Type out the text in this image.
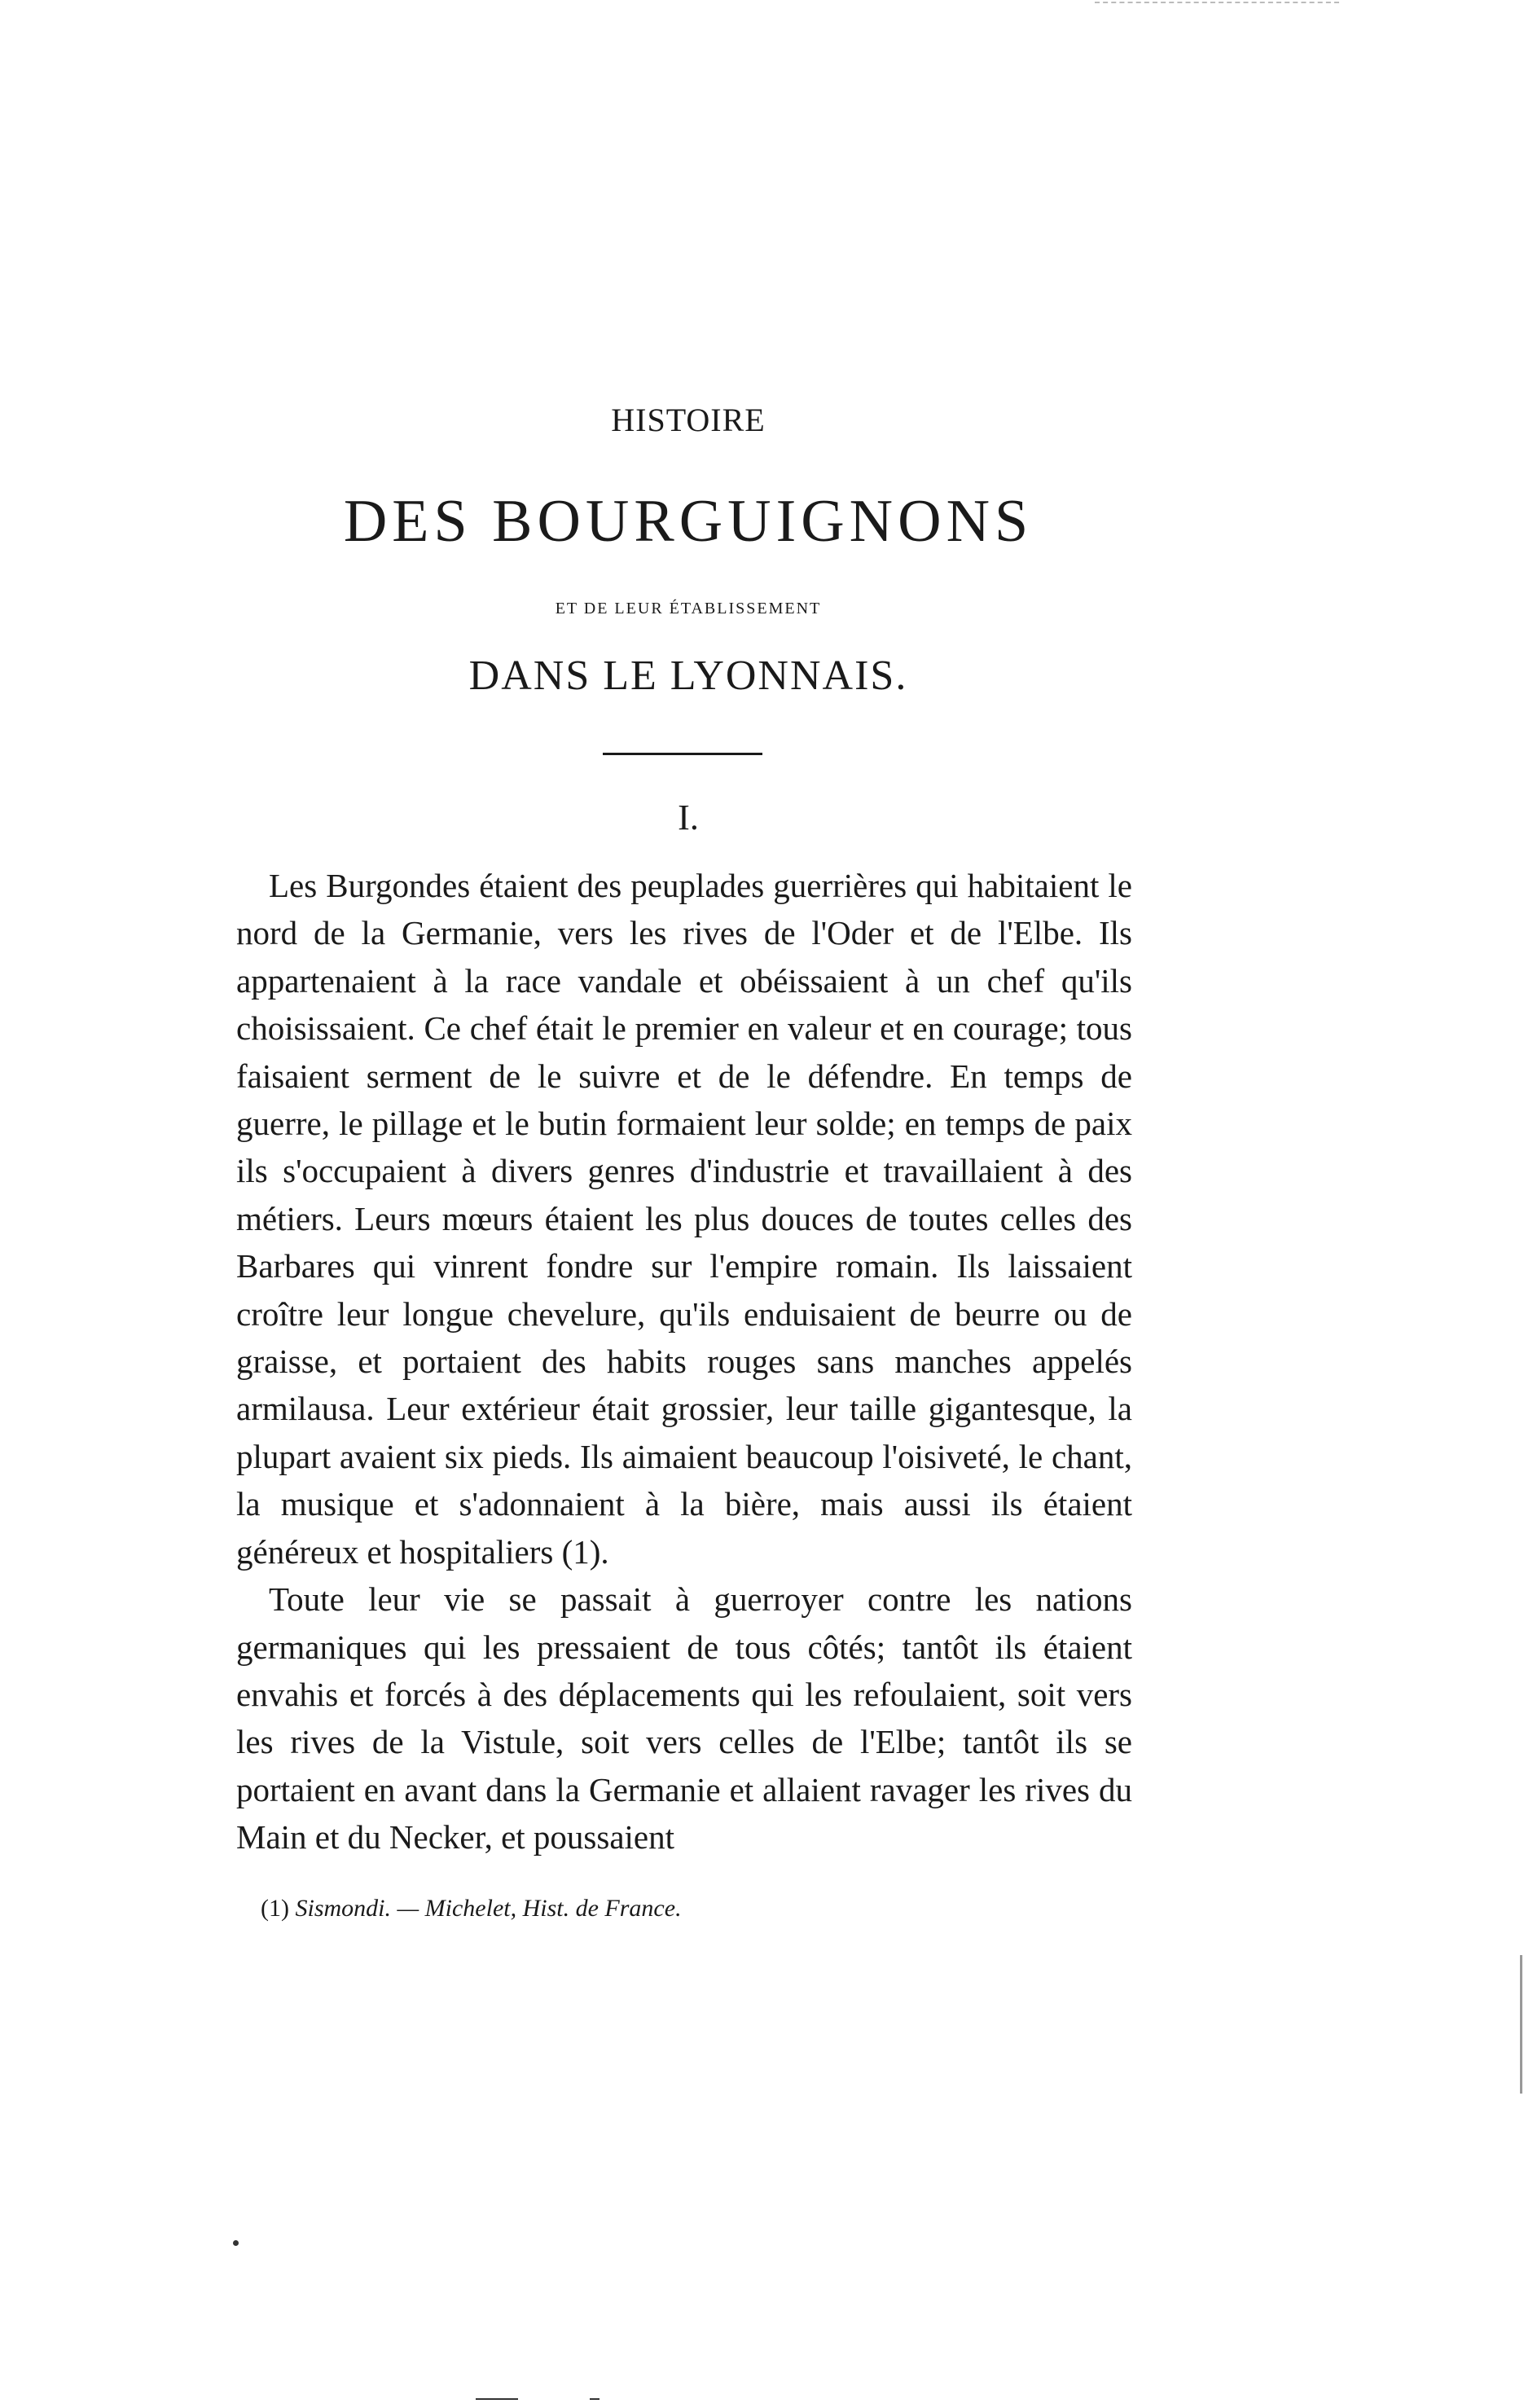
HISTOIRE
DES BOURGUIGNONS
ET DE LEUR ÉTABLISSEMENT
DANS LE LYONNAIS.
I.

Les Burgondes étaient des peuplades guerrières qui habitaient le nord de la Germanie, vers les rives de l'Oder et de l'Elbe. Ils appartenaient à la race vandale et obéissaient à un chef qu'ils choisissaient. Ce chef était le premier en valeur et en courage; tous faisaient serment de le suivre et de le défendre. En temps de guerre, le pillage et le butin formaient leur solde; en temps de paix ils s'occupaient à divers genres d'industrie et travaillaient à des métiers. Leurs mœurs étaient les plus douces de toutes celles des Barbares qui vinrent fondre sur l'empire romain. Ils laissaient croître leur longue chevelure, qu'ils enduisaient de beurre ou de graisse, et portaient des habits rouges sans manches appelés armilausa. Leur extérieur était grossier, leur taille gigantesque, la plupart avaient six pieds. Ils aimaient beaucoup l'oisiveté, le chant, la musique et s'adonnaient à la bière, mais aussi ils étaient généreux et hospitaliers (1).

Toute leur vie se passait à guerroyer contre les nations germaniques qui les pressaient de tous côtés; tantôt ils étaient envahis et forcés à des déplacements qui les refoulaient, soit vers les rives de la Vistule, soit vers celles de l'Elbe; tantôt ils se portaient en avant dans la Germanie et allaient ravager les rives du Main et du Necker, et poussaient

(1) Sismondi. — Michelet, Hist. de France.
